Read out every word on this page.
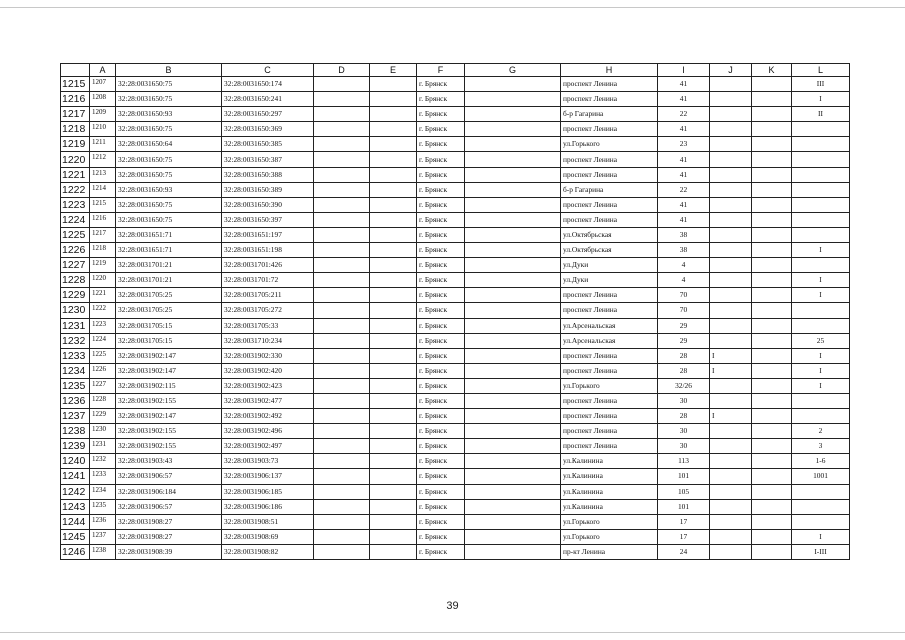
	A	B	C	D	E	F	G	H	I	J	K	L
1215	1207	32:28:0031650:75	32:28:0031650:174			г. Брянск		проспект Ленина	41			III
1216	1208	32:28:0031650:75	32:28:0031650:241			г. Брянск		проспект Ленина	41			I
1217	1209	32:28:0031650:93	32:28:0031650:297			г. Брянск		б-р Гагарина	22			II
1218	1210	32:28:0031650:75	32:28:0031650:369			г. Брянск		проспект Ленина	41			
1219	1211	32:28:0031650:64	32:28:0031650:385			г. Брянск		ул.Горького	23			
1220	1212	32:28:0031650:75	32:28:0031650:387			г. Брянск		проспект Ленина	41			
1221	1213	32:28:0031650:75	32:28:0031650:388			г. Брянск		проспект Ленина	41			
1222	1214	32:28:0031650:93	32:28:0031650:389			г. Брянск		б-р Гагарина	22			
1223	1215	32:28:0031650:75	32:28:0031650:390			г. Брянск		проспект Ленина	41			
1224	1216	32:28:0031650:75	32:28:0031650:397			г. Брянск		проспект Ленина	41			
1225	1217	32:28:0031651:71	32:28:0031651:197			г. Брянск		ул.Октябрьская	38			
1226	1218	32:28:0031651:71	32:28:0031651:198			г. Брянск		ул.Октябрьская	38			I
1227	1219	32:28:0031701:21	32:28:0031701:426			г. Брянск		ул.Дуки	4			
1228	1220	32:28:0031701:21	32:28:0031701:72			г. Брянск		ул.Дуки	4			I
1229	1221	32:28:0031705:25	32:28:0031705:211			г. Брянск		проспект Ленина	70			I
1230	1222	32:28:0031705:25	32:28:0031705:272			г. Брянск		проспект Ленина	70			
1231	1223	32:28:0031705:15	32:28:0031705:33			г. Брянск		ул.Арсенальская	29			
1232	1224	32:28:0031705:15	32:28:0031710:234			г. Брянск		ул.Арсенальская	29			25
1233	1225	32:28:0031902:147	32:28:0031902:330			г. Брянск		проспект Ленина	28	I		I
1234	1226	32:28:0031902:147	32:28:0031902:420			г. Брянск		проспект Ленина	28	I		I
1235	1227	32:28:0031902:115	32:28:0031902:423			г. Брянск		ул.Горького	32/26			I
1236	1228	32:28:0031902:155	32:28:0031902:477			г. Брянск		проспект Ленина	30			
1237	1229	32:28:0031902:147	32:28:0031902:492			г. Брянск		проспект Ленина	28	I		
1238	1230	32:28:0031902:155	32:28:0031902:496			г. Брянск		проспект Ленина	30			2
1239	1231	32:28:0031902:155	32:28:0031902:497			г. Брянск		проспект Ленина	30			3
1240	1232	32:28:0031903:43	32:28:0031903:73			г. Брянск		ул.Калинина	113			1-6
1241	1233	32:28:0031906:57	32:28:0031906:137			г. Брянск		ул.Калинина	101			1001
1242	1234	32:28:0031906:184	32:28:0031906:185			г. Брянск		ул.Калинина	105			
1243	1235	32:28:0031906:57	32:28:0031906:186			г. Брянск		ул.Калинина	101			
1244	1236	32:28:0031908:27	32:28:0031908:51			г. Брянск		ул.Горького	17			
1245	1237	32:28:0031908:27	32:28:0031908:69			г. Брянск		ул.Горького	17			I
1246	1238	32:28:0031908:39	32:28:0031908:82			г. Брянск		пр-кт Ленина	24			I-III
39
